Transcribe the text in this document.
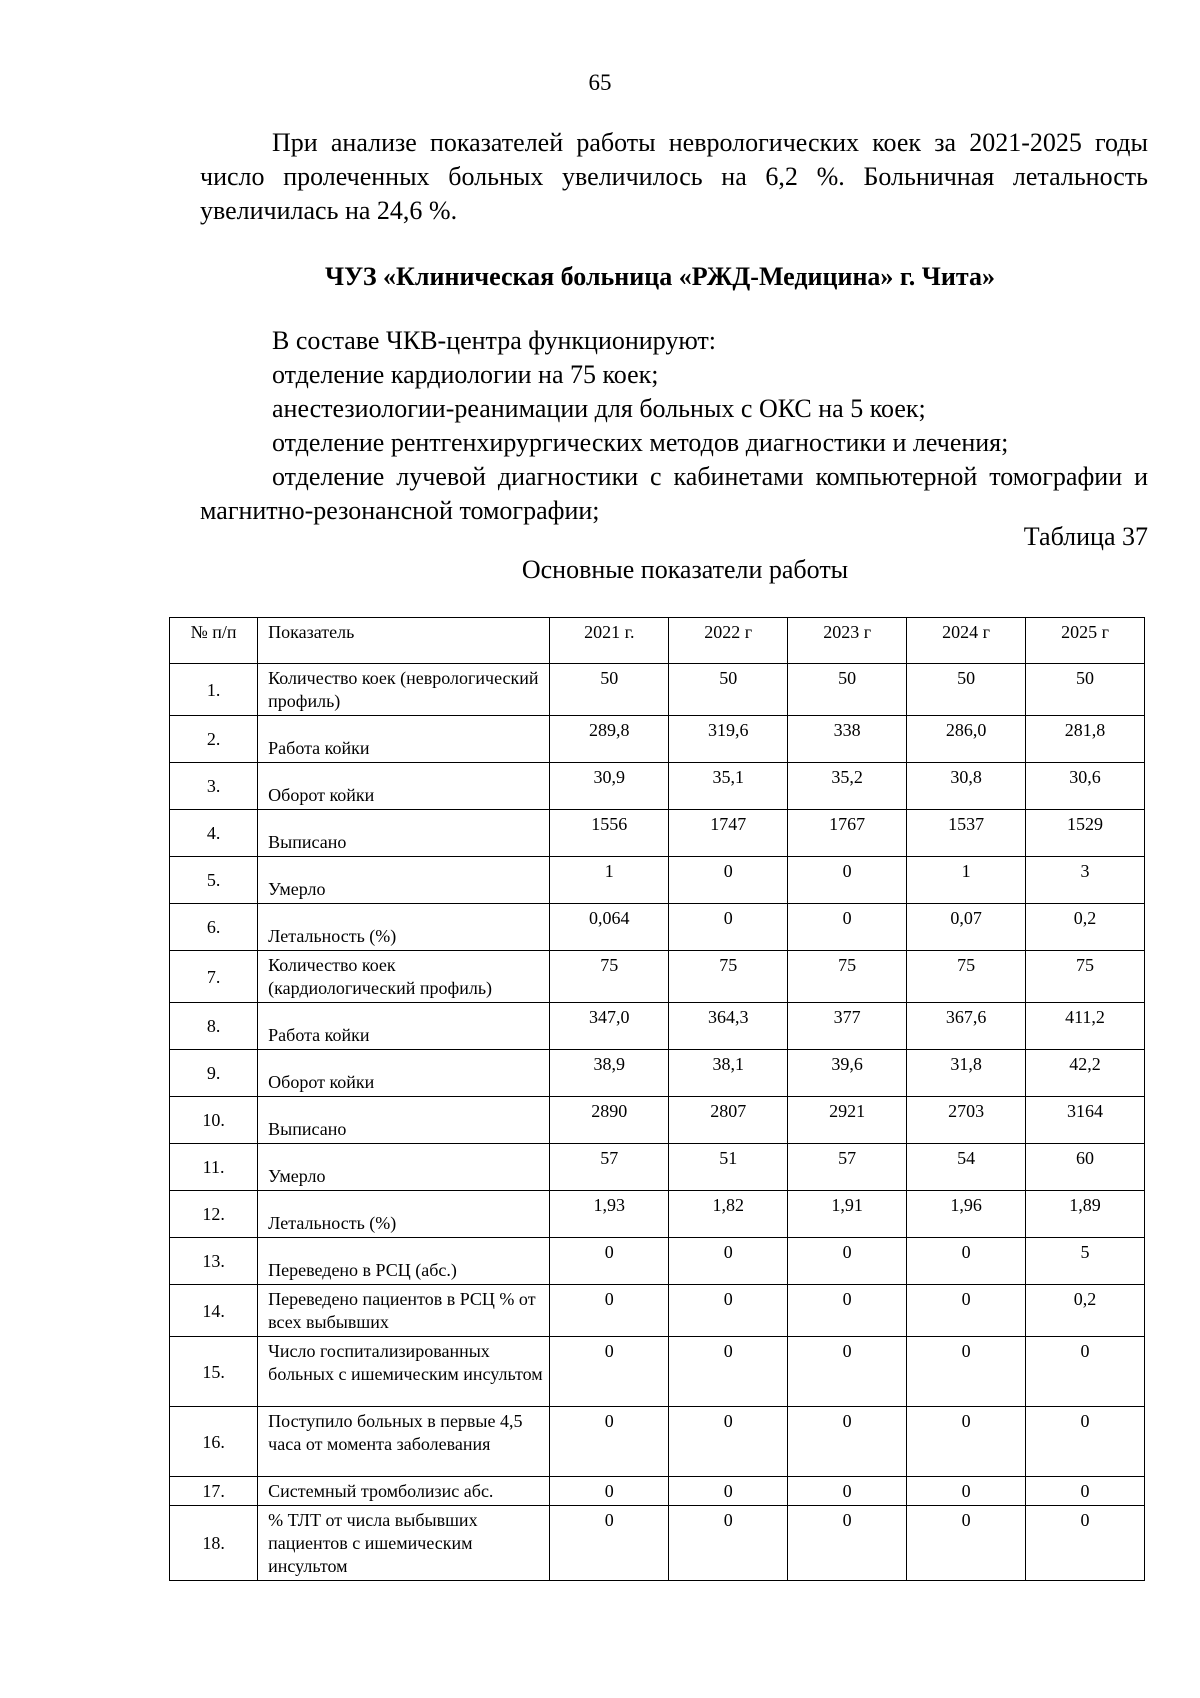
65
При анализе показателей работы неврологических коек за 2021-2025 годы число пролеченных больных увеличилось на 6,2 %. Больничная летальность увеличилась на 24,6 %.
ЧУЗ «Клиническая больница «РЖД-Медицина» г. Чита»
В составе ЧКВ-центра функционируют:
отделение кардиологии на 75 коек;
анестезиологии-реанимации для больных с ОКС на 5 коек;
отделение рентгенхирургических методов диагностики и лечения;
отделение лучевой диагностики с кабинетами компьютерной томографии и магнитно-резонансной томографии;
Таблица 37
Основные показатели работы
№ п/п	Показатель	2021 г.	2022 г	2023 г	2024 г	2025 г
1.	Количество коек (неврологический профиль)	50	50	50	50	50
2.	Работа койки	289,8	319,6	338	286,0	281,8
3.	Оборот койки	30,9	35,1	35,2	30,8	30,6
4.	Выписано	1556	1747	1767	1537	1529
5.	Умерло	1	0	0	1	3
6.	Летальность (%)	0,064	0	0	0,07	0,2
7.	Количество коек (кардиологический профиль)	75	75	75	75	75
8.	Работа койки	347,0	364,3	377	367,6	411,2
9.	Оборот койки	38,9	38,1	39,6	31,8	42,2
10.	Выписано	2890	2807	2921	2703	3164
11.	Умерло	57	51	57	54	60
12.	Летальность (%)	1,93	1,82	1,91	1,96	1,89
13.	Переведено в РСЦ (абс.)	0	0	0	0	5
14.	Переведено пациентов в РСЦ % от всех выбывших	0	0	0	0	0,2
15.	Число госпитализированных больных с ишемическим инсультом	0	0	0	0	0
16.	Поступило больных в первые 4,5 часа от момента заболевания	0	0	0	0	0
17.	Системный тромболизис абс.	0	0	0	0	0
18.	% ТЛТ от числа выбывших пациентов с ишемическим инсультом	0	0	0	0	0
